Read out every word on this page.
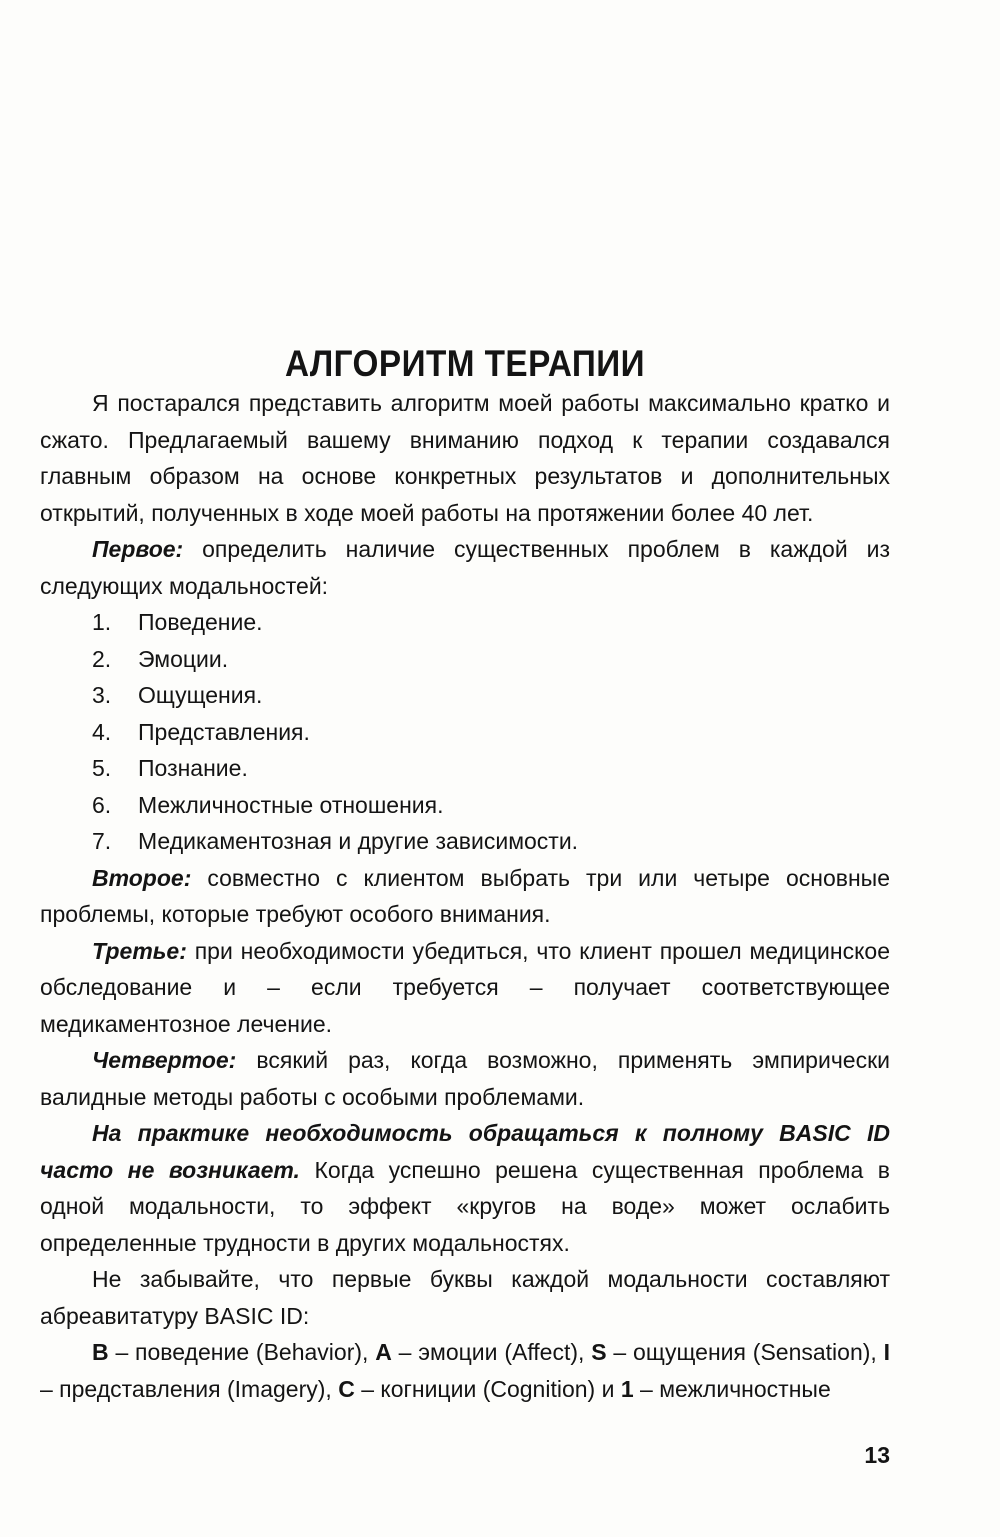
АЛГОРИТМ ТЕРАПИИ

Я постарался представить алгоритм моей работы максимально кратко и сжато. Предлагаемый вашему вниманию подход к терапии создавался главным образом на основе конкретных результатов и дополнительных открытий, полученных в ходе моей работы на протяжении более 40 лет.

Первое: определить наличие существенных проблем в каждой из следующих модальностей:

1.	Поведение.
2.	Эмоции.
3.	Ощущения.
4.	Представления.
5.	Познание.
6.	Межличностные отношения.
7.	Медикаментозная и другие зависимости.

Второе: совместно с клиентом выбрать три или четыре основные проблемы, которые требуют особого внимания.

Третье: при необходимости убедиться, что клиент прошел медицинское обследование и – если требуется – получает соответствующее медикаментозное лечение.

Четвертое: всякий раз, когда возможно, применять эмпирически валидные методы работы с особыми проблемами.

На практике необходимость обращаться к полному BASIC ID часто не возникает. Когда успешно решена существенная проблема в одной модальности, то эффект «кругов на воде» может ослабить определенные трудности в других модальностях.

Не забывайте, что первые буквы каждой модальности составляют абреавитатуру BASIC ID:

B – поведение (Behavior), A – эмоции (Affect), S – ощущения (Sensation), I – представления (Imagery), C – когниции (Cognition) и 1 – межличностные

13
